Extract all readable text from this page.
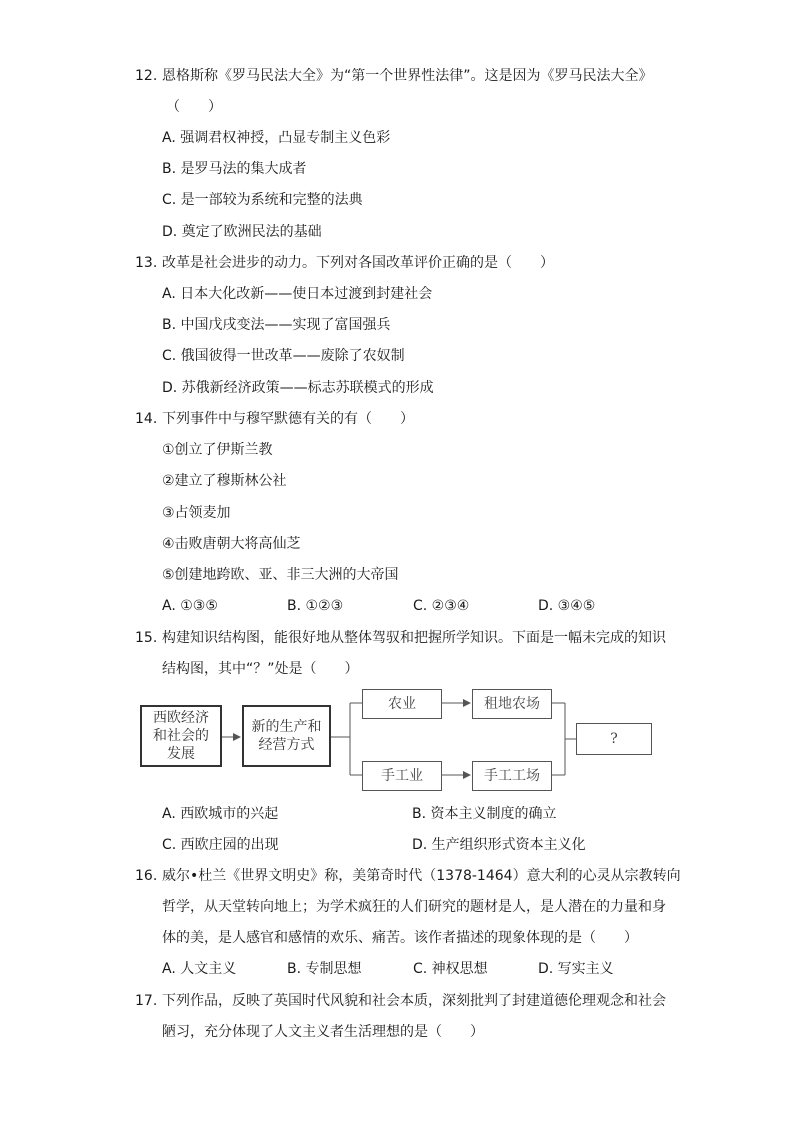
12. 恩格斯称《罗马民法大全》为“第一个世界性法律”。这是因为《罗马民法大全》
（　　）
A. 强调君权神授，凸显专制主义色彩
B. 是罗马法的集大成者
C. 是一部较为系统和完整的法典
D. 奠定了欧洲民法的基础
13. 改革是社会进步的动力。下列对各国改革评价正确的是（　　）
A. 日本大化改新——使日本过渡到封建社会
B. 中国戊戌变法——实现了富国强兵
C. 俄国彼得一世改革——废除了农奴制
D. 苏俄新经济政策——标志苏联模式的形成
14. 下列事件中与穆罕默德有关的有（　　）
①创立了伊斯兰教
②建立了穆斯林公社
③占领麦加
④击败唐朝大将高仙芝
⑤创建地跨欧、亚、非三大洲的大帝国
A. ①③⑤	B. ①②③	C. ②③④	D. ③④⑤
15. 构建知识结构图，能很好地从整体驾驭和把握所学知识。下面是一幅未完成的知识
结构图，其中“？”处是（　　）
西欧经济和社会的发展
新的生产和经营方式
农业	租地农场
手工业	手工工场
?
A. 西欧城市的兴起	B. 资本主义制度的确立
C. 西欧庄园的出现	D. 生产组织形式资本主义化
16. 威尔•杜兰《世界文明史》称，美第奇时代（1378-1464）意大利的心灵从宗教转向
哲学，从天堂转向地上；为学术疯狂的人们研究的题材是人，是人潜在的力量和身
体的美，是人感官和感情的欢乐、痛苦。该作者描述的现象体现的是（　　）
A. 人文主义	B. 专制思想	C. 神权思想	D. 写实主义
17. 下列作品，反映了英国时代风貌和社会本质，深刻批判了封建道德伦理观念和社会
陋习，充分体现了人文主义者生活理想的是（　　）
